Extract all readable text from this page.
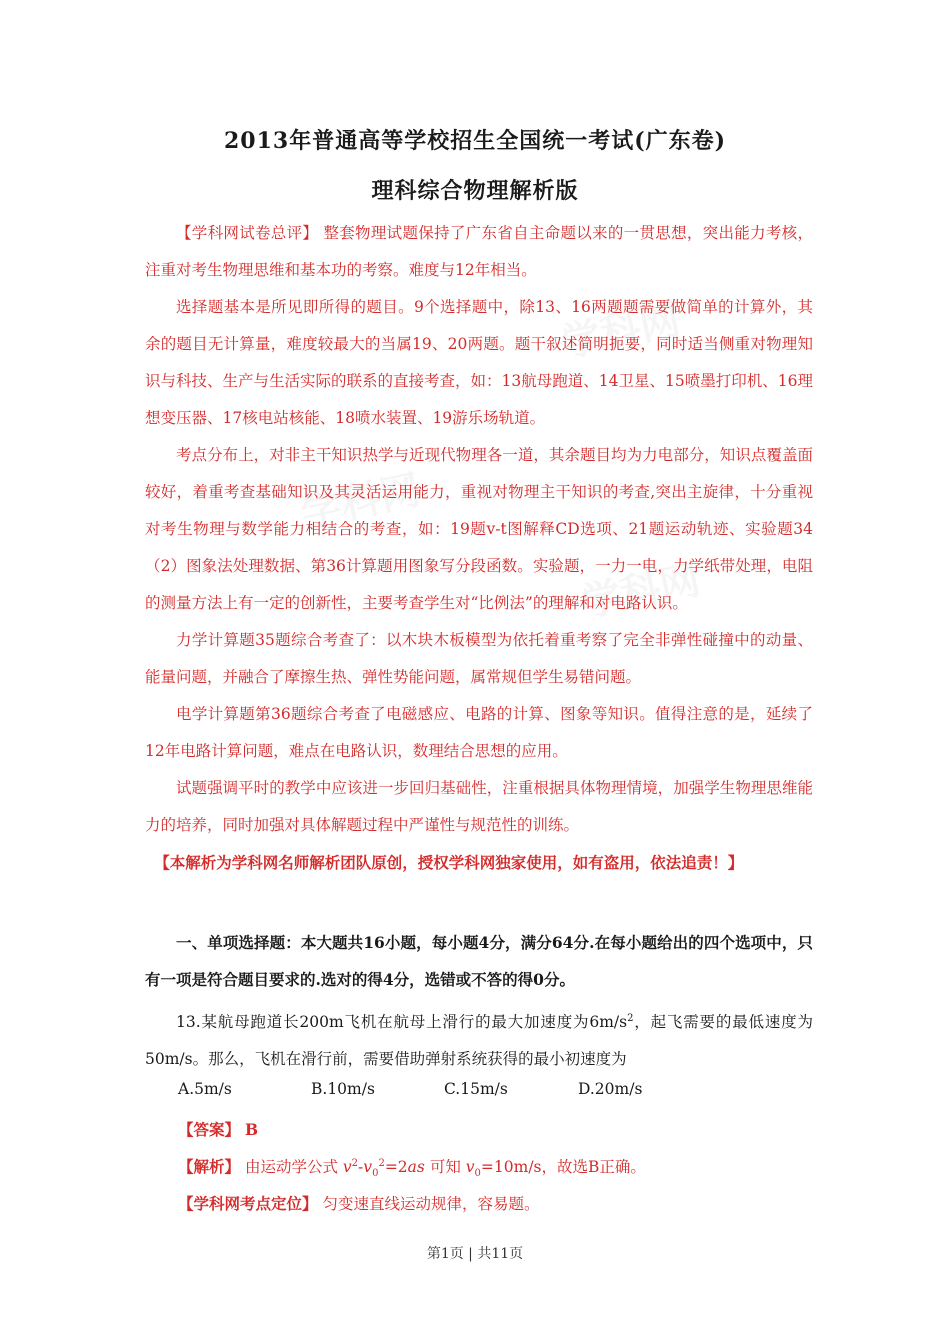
学科网
学科网
学科网
2013年普通高等学校招生全国统一考试(广东卷)
理科综合物理解析版

【学科网试卷总评】 整套物理试题保持了广东省自主命题以来的一贯思想，突出能力考核，注重对考生物理思维和基本功的考察。难度与12年相当。

选择题基本是所见即所得的题目。9个选择题中，除13、16两题题需要做简单的计算外，其余的题目无计算量，难度较最大的当属19、20两题。题干叙述简明扼要，同时适当侧重对物理知识与科技、生产与生活实际的联系的直接考查，如：13航母跑道、14卫星、15喷墨打印机、16理想变压器、17核电站核能、18喷水装置、19游乐场轨道。

考点分布上，对非主干知识热学与近现代物理各一道，其余题目均为力电部分，知识点覆盖面较好，着重考查基础知识及其灵活运用能力，重视对物理主干知识的考查,突出主旋律，十分重视对考生物理与数学能力相结合的考查，如：19题v-t图解释CD选项、21题运动轨迹、实验题34（2）图象法处理数据、第36计算题用图象写分段函数。实验题，一力一电，力学纸带处理，电阻的测量方法上有一定的创新性，主要考查学生对“比例法”的理解和对电路认识。

力学计算题35题综合考查了：以木块木板模型为依托着重考察了完全非弹性碰撞中的动量、能量问题，并融合了摩擦生热、弹性势能问题，属常规但学生易错问题。

电学计算题第36题综合考查了电磁感应、电路的计算、图象等知识。值得注意的是，延续了12年电路计算问题，难点在电路认识，数理结合思想的应用。

试题强调平时的教学中应该进一步回归基础性，注重根据具体物理情境，加强学生物理思维能力的培养，同时加强对具体解题过程中严谨性与规范性的训练。

【本解析为学科网名师解析团队原创，授权学科网独家使用，如有盗用，依法追责！】

一、单项选择题：本大题共16小题，每小题4分，满分64分.在每小题给出的四个选项中，只有一项是符合题目要求的.选对的得4分，选错或不答的得0分。

13.某航母跑道长200m飞机在航母上滑行的最大加速度为$6m/s^2$，起飞需要的最低速度为50m/s。那么，飞机在滑行前，需要借助弹射系统获得的最小初速度为

A.5m/s	B.10m/s	C.15m/s	D.20m/s
【答案】 B
【解析】 由运动学公式 $v^2-v_0^2=2as$ 可知 $v_0=10m/s$，故选B正确。
【学科网考点定位】 匀变速直线运动规律，容易题。
第1页 | 共11页
